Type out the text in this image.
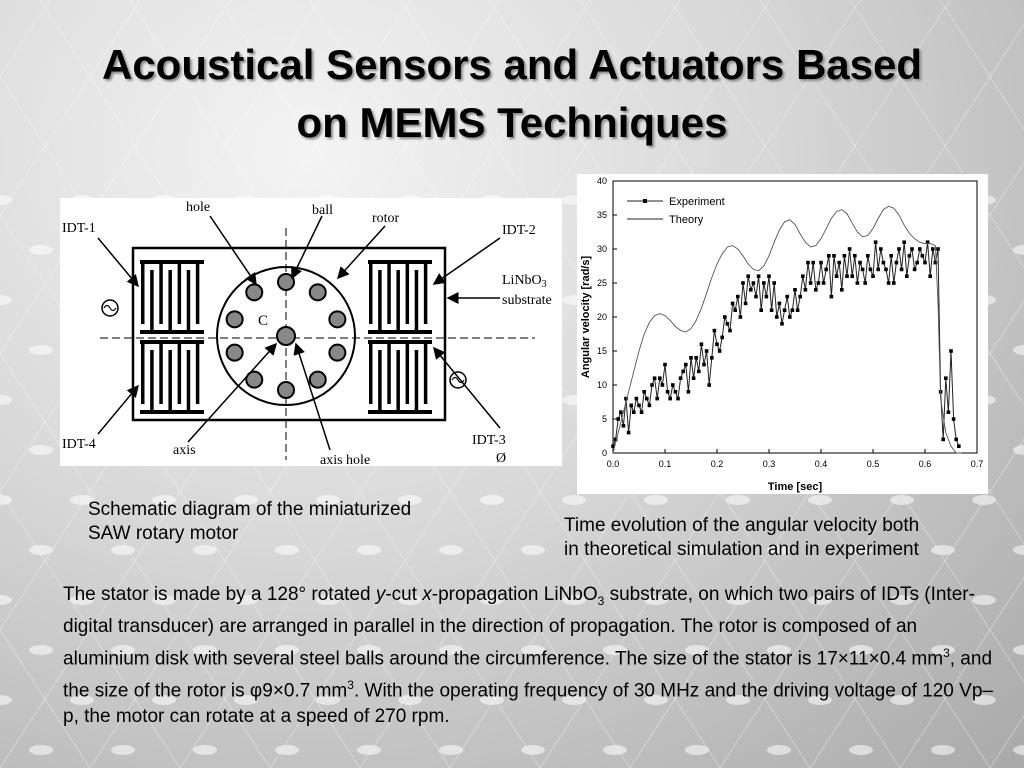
Acoustical Sensors and Actuators Based
on MEMS Techniques
IDT-1
hole	ball
rotor
IDT-2
LiNbO$_3$
substrate
C
IDT-4	axis
axis hole
IDT-3
Ø	0.0	0.1	0.2	0.3	0.4	0.5	0.6	0.7
0
5
10
15
20
25
30
35
40
Time [sec]
Angular velocity [rad/s]
Experiment
Theory
Schematic diagram of the miniaturized
SAW rotary motor	Time evolution of the angular velocity both
in theoretical simulation and in experiment
The stator is made by a 128° rotated y-cut x-propagation LiNbO$_3$ substrate, on which two pairs of IDTs (Inter-digital transducer) are arranged in parallel in the direction of propagation. The rotor is composed of an aluminium disk with several steel balls around the circumference. The size of the stator is 17×11×0.4 $mm^3$, and the size of the rotor is φ9×0.7 $mm^3$. With the operating frequency of 30 MHz and the driving voltage of 120 Vp–p, the motor can rotate at a speed of 270 rpm.
